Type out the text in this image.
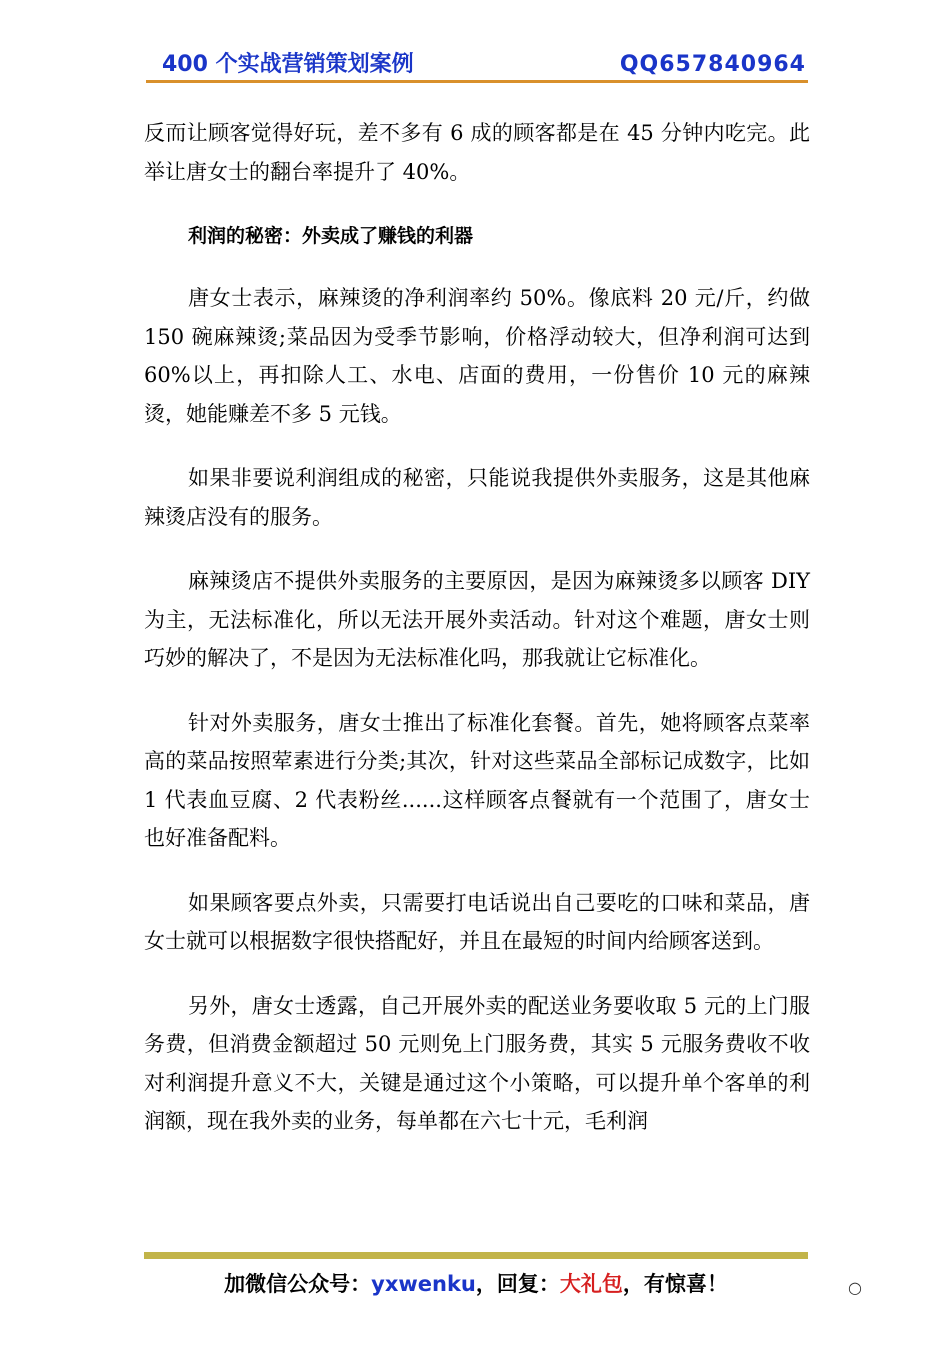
400 个实战营销策划案例	QQ657840964

反而让顾客觉得好玩，差不多有 6 成的顾客都是在 45 分钟内吃完。此举让唐女士的翻台率提升了 40%。

利润的秘密：外卖成了赚钱的利器

唐女士表示，麻辣烫的净利润率约 50%。像底料 20 元/斤，约做 150 碗麻辣烫;菜品因为受季节影响，价格浮动较大，但净利润可达到 60%以上，再扣除人工、水电、店面的费用，一份售价 10 元的麻辣烫，她能赚差不多 5 元钱。

如果非要说利润组成的秘密，只能说我提供外卖服务，这是其他麻辣烫店没有的服务。

麻辣烫店不提供外卖服务的主要原因，是因为麻辣烫多以顾客 DIY 为主，无法标准化，所以无法开展外卖活动。针对这个难题，唐女士则巧妙的解决了，不是因为无法标准化吗，那我就让它标准化。

针对外卖服务，唐女士推出了标准化套餐。首先，她将顾客点菜率高的菜品按照荤素进行分类;其次，针对这些菜品全部标记成数字，比如 1 代表血豆腐、2 代表粉丝......这样顾客点餐就有一个范围了，唐女士也好准备配料。

如果顾客要点外卖，只需要打电话说出自己要吃的口味和菜品，唐女士就可以根据数字很快搭配好，并且在最短的时间内给顾客送到。

另外，唐女士透露，自己开展外卖的配送业务要收取 5 元的上门服务费，但消费金额超过 50 元则免上门服务费，其实 5 元服务费收不收对利润提升意义不大，关键是通过这个小策略，可以提升单个客单的利润额，现在我外卖的业务，每单都在六七十元，毛利润

加微信公众号：yxwenku，回复：大礼包，有惊喜！	○
